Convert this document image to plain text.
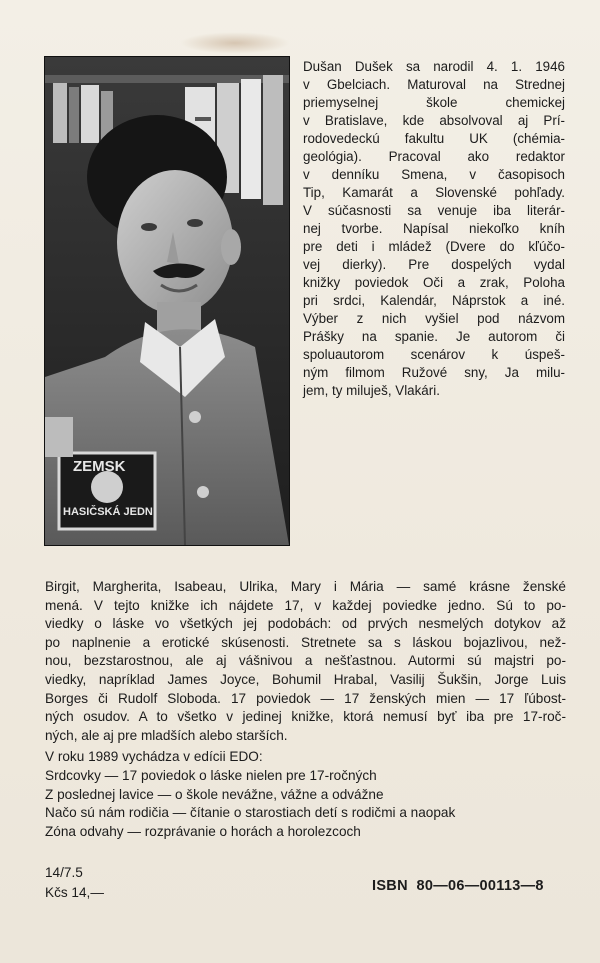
ZEMSK
HASIČSKÁ JEDN
Dušan Dušek sa narodil 4. 1. 1946
v Gbelciach. Maturoval na Strednej
priemyselnej škole chemickej
v Bratislave, kde absolvoval aj Prí-
rodovedeckú fakultu UK (chémia-
geológia). Pracoval ako redaktor
v denníku Smena, v časopisoch
Tip, Kamarát a Slovenské pohľady.
V súčasnosti sa venuje iba literár-
nej tvorbe. Napísal niekoľko kníh
pre deti i mládež (Dvere do kľúčo-
vej dierky). Pre dospelých vydal
knižky poviedok Oči a zrak, Poloha
pri srdci, Kalendár, Náprstok a iné.
Výber z nich vyšiel pod názvom
Prášky na spanie. Je autorom či
spoluautorom scenárov k úspeš-
ným filmom Ružové sny, Ja milu-
jem, ty miluješ, Vlakári.
Birgit, Margherita, Isabeau, Ulrika, Mary i Mária — samé krásne ženské
mená. V tejto knižke ich nájdete 17, v každej poviedke jedno. Sú to po-
viedky o láske vo všetkých jej podobách: od prvých nesmelých dotykov až
po naplnenie a erotické skúsenosti. Stretnete sa s láskou bojazlivou, než-
nou, bezstarostnou, ale aj vášnivou a nešťastnou. Autormi sú majstri po-
viedky, napríklad James Joyce, Bohumil Hrabal, Vasilij Šukšin, Jorge Luis
Borges či Rudolf Sloboda. 17 poviedok — 17 ženských mien — 17 ľúbost-
ných osudov. A to všetko v jedinej knižke, ktorá nemusí byť iba pre 17-roč-
ných, ale aj pre mladších alebo starších.
V roku 1989 vychádza v edícii EDO:
Srdcovky — 17 poviedok o láske nielen pre 17-ročných
Z poslednej lavice — o škole nevážne, vážne a odvážne
Načo sú nám rodičia — čítanie o starostiach detí s rodičmi a naopak
Zóna odvahy — rozprávanie o horách a horolezcoch
14/7.5
Kčs 14,—	ISBN  80—06—00113—8
